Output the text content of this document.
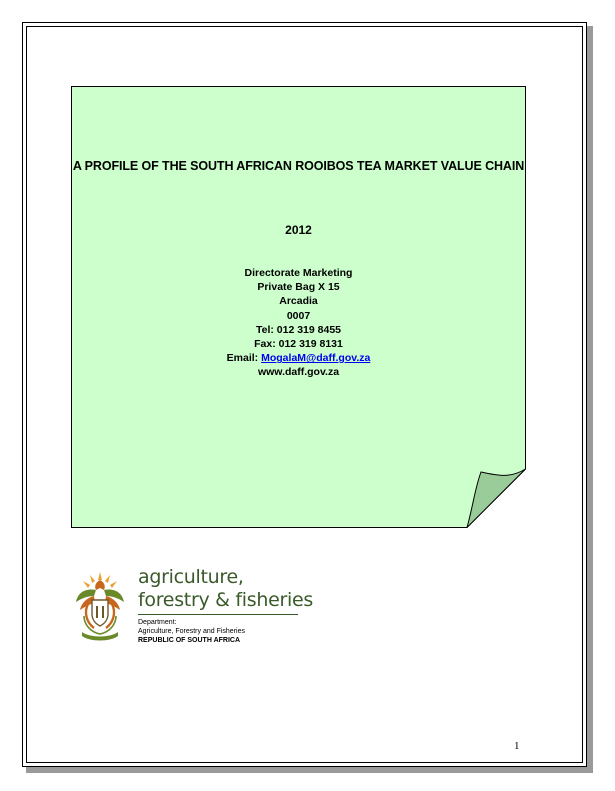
A PROFILE OF THE SOUTH AFRICAN ROOIBOS TEA MARKET VALUE CHAIN
2012
Directorate Marketing
Private Bag X 15
Arcadia
0007
Tel: 012 319 8455
Fax: 012 319 8131
Email: MogalaM@daff.gov.za
www.daff.gov.za
agriculture,
forestry & fisheries
Department:
Agriculture, Forestry and Fisheries
REPUBLIC OF SOUTH AFRICA
1
